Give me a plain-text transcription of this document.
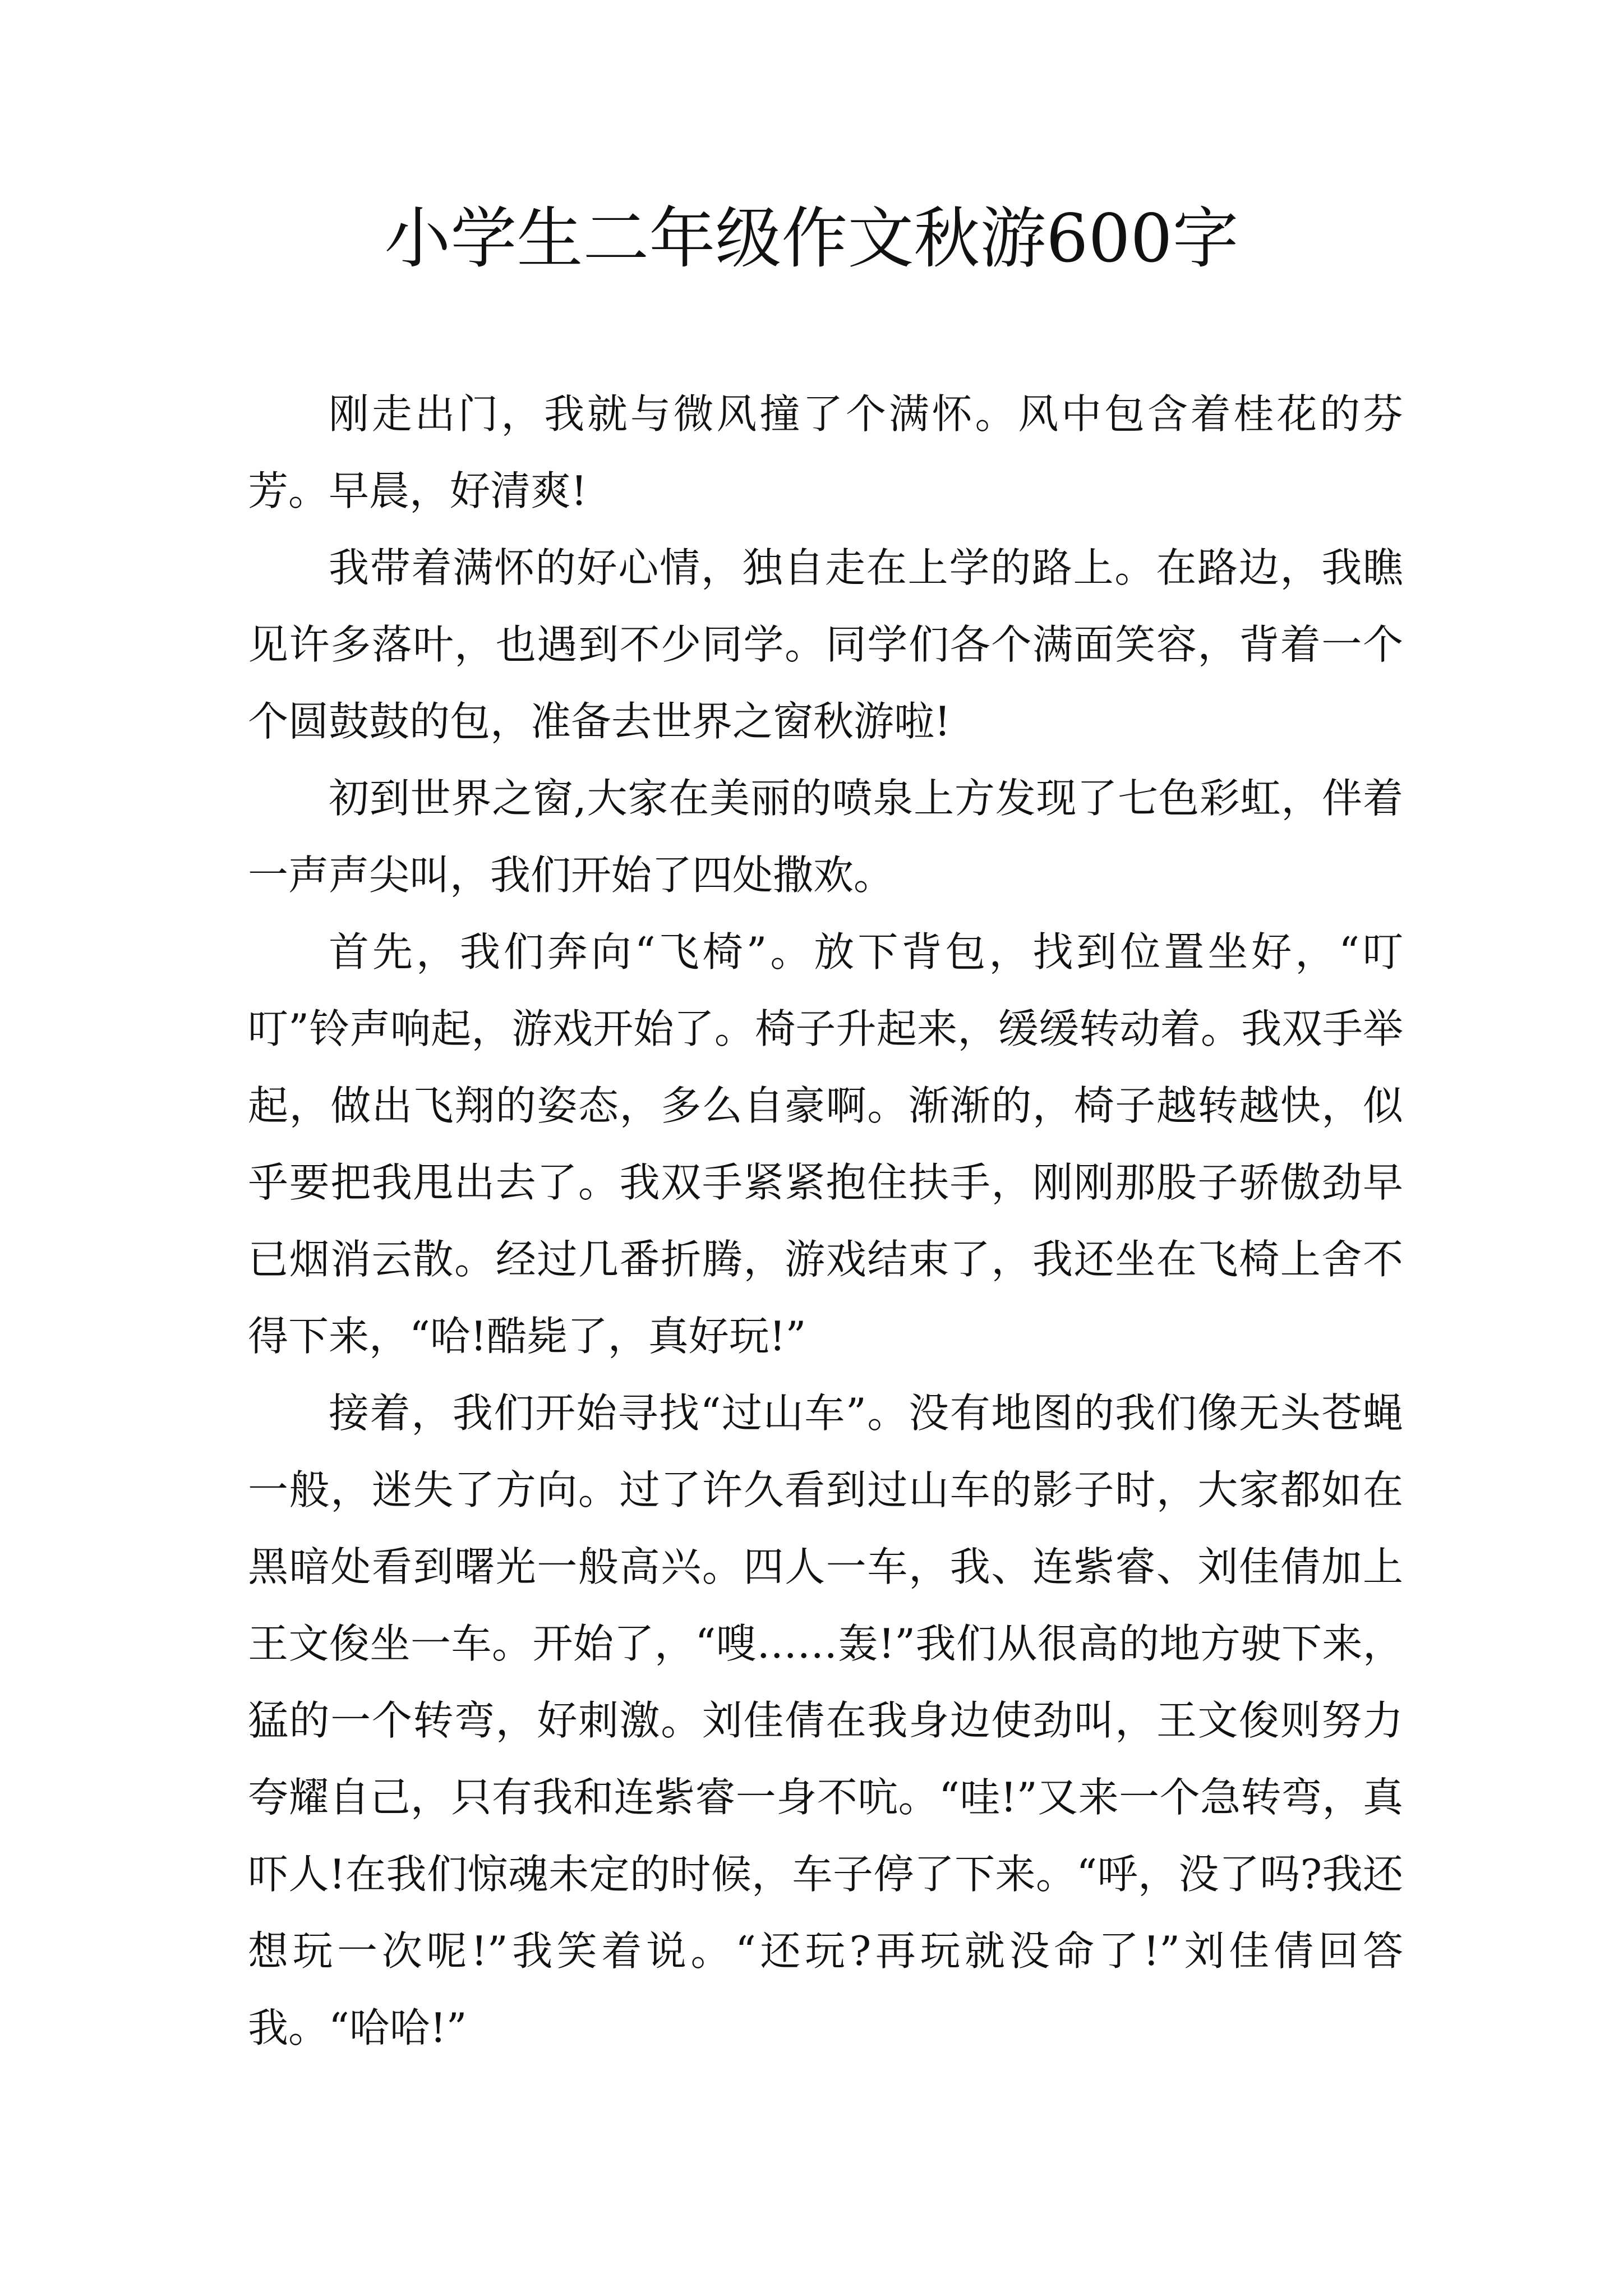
小学生二年级作文秋游600字

刚走出门，我就与微风撞了个满怀。风中包含着桂花的芬芳。早晨，好清爽!

我带着满怀的好心情，独自走在上学的路上。在路边，我瞧见许多落叶，也遇到不少同学。同学们各个满面笑容，背着一个个圆鼓鼓的包，准备去世界之窗秋游啦!

初到世界之窗,大家在美丽的喷泉上方发现了七色彩虹，伴着一声声尖叫，我们开始了四处撒欢。

首先，我们奔向“飞椅”。放下背包，找到位置坐好，“叮叮”铃声响起，游戏开始了。椅子升起来，缓缓转动着。我双手举起，做出飞翔的姿态，多么自豪啊。渐渐的，椅子越转越快，似乎要把我甩出去了。我双手紧紧抱住扶手，刚刚那股子骄傲劲早已烟消云散。经过几番折腾，游戏结束了，我还坐在飞椅上舍不得下来，“哈!酷毙了，真好玩!”

接着，我们开始寻找“过山车”。没有地图的我们像无头苍蝇一般，迷失了方向。过了许久看到过山车的影子时，大家都如在黑暗处看到曙光一般高兴。四人一车，我、连紫睿、刘佳倩加上王文俊坐一车。开始了，“嗖……轰!”我们从很高的地方驶下来，猛的一个转弯，好刺激。刘佳倩在我身边使劲叫，王文俊则努力夸耀自己，只有我和连紫睿一身不吭。“哇!”又来一个急转弯，真吓人!在我们惊魂未定的时候，车子停了下来。“呼，没了吗?我还想玩一次呢!”我笑着说。“还玩?再玩就没命了!”刘佳倩回答我。“哈哈!”
